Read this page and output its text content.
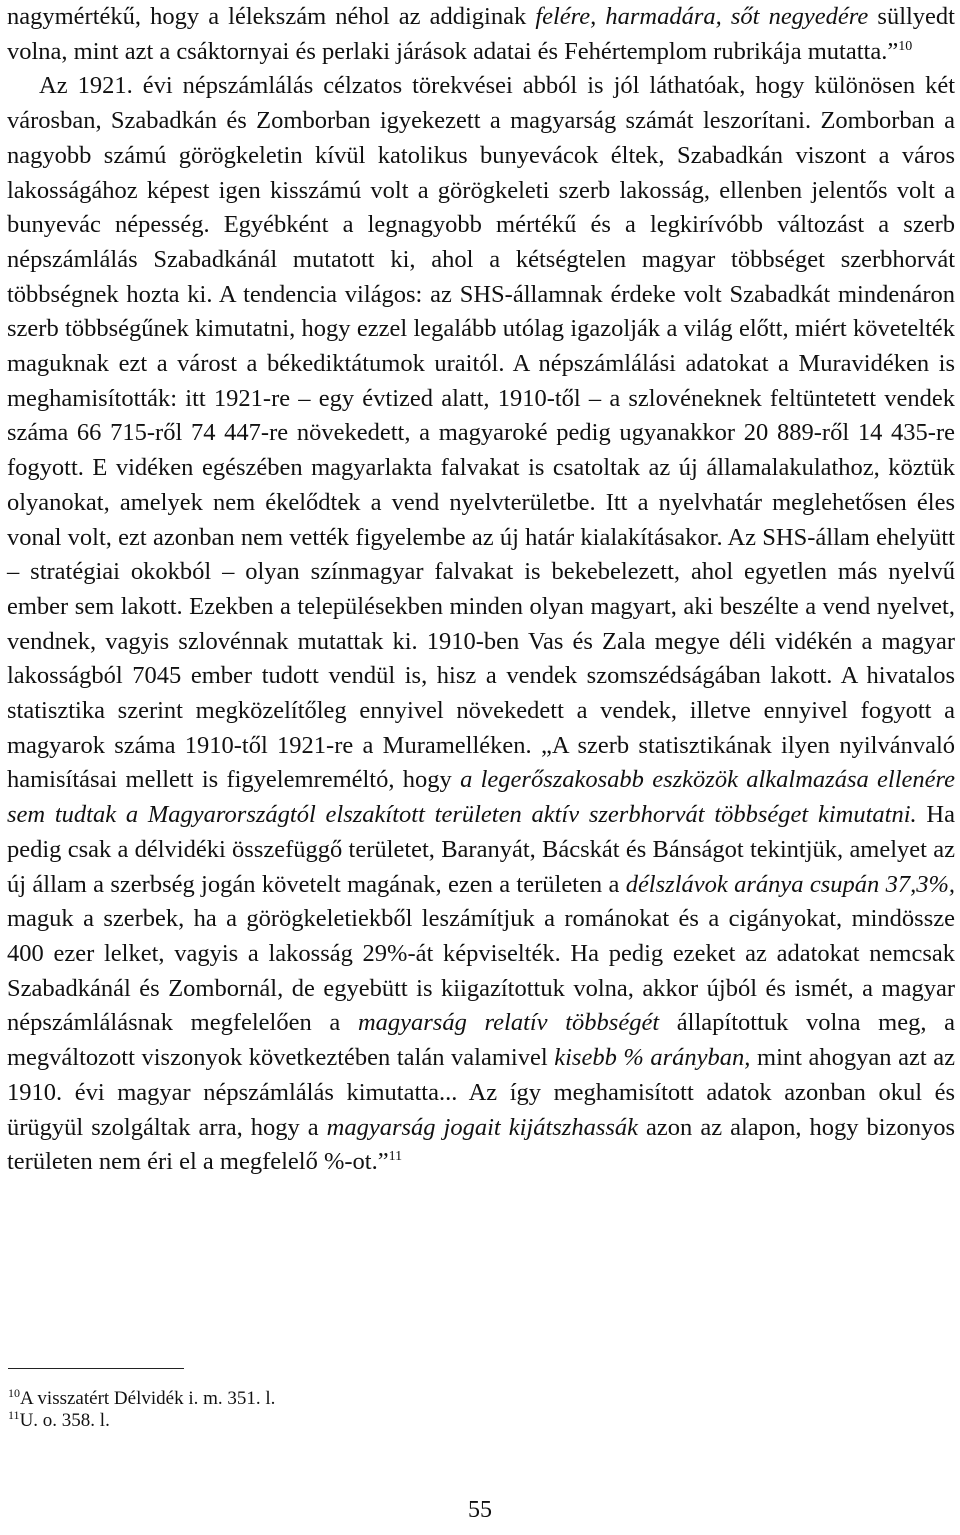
nagymértékű, hogy a lélekszám néhol az addiginak felére, harmadára, sőt negyedére süllyedt volna, mint azt a csáktornyai és perlaki járások adatai és Fehértemplom rubrikája mutatta.”$^{10}$

Az 1921. évi népszámlálás célzatos törekvései abból is jól láthatóak, hogy különösen két városban, Szabadkán és Zomborban igyekezett a magyarság számát leszorítani. Zomborban a nagyobb számú görögkeletin kívül katolikus bunyevácok éltek, Szabadkán viszont a város lakosságához képest igen kisszámú volt a görögkeleti szerb lakosság, ellenben jelentős volt a bunyevác népesség. Egyébként a legnagyobb mértékű és a legkirívóbb változást a szerb népszámlálás Szabadkánál mutatott ki, ahol a kétségtelen magyar többséget szerbhorvát többségnek hozta ki. A tendencia világos: az SHS-államnak érdeke volt Szabadkát mindenáron szerb többségűnek kimutatni, hogy ezzel legalább utólag igazolják a világ előtt, miért követelték maguknak ezt a várost a békediktátumok uraitól. A népszámlálási adatokat a Muravidéken is meghamisították: itt 1921-re – egy évtized alatt, 1910-től – a szlovéneknek feltüntetett vendek száma 66 715-ről 74 447-re növekedett, a magyaroké pedig ugyanakkor 20 889-ről 14 435-re fogyott. E vidéken egészében magyarlakta falvakat is csatoltak az új államalakulathoz, köztük olyanokat, amelyek nem ékelődtek a vend nyelvterületbe. Itt a nyelvhatár meglehetősen éles vonal volt, ezt azonban nem vették figyelembe az új határ kialakításakor. Az SHS-állam ehelyütt – stratégiai okokból – olyan színmagyar falvakat is bekebelezett, ahol egyetlen más nyelvű ember sem lakott. Ezekben a településekben minden olyan magyart, aki beszélte a vend nyelvet, vendnek, vagyis szlovénnak mutattak ki. 1910-ben Vas és Zala megye déli vidékén a magyar lakosságból 7045 ember tudott vendül is, hisz a vendek szomszédságában lakott. A hivatalos statisztika szerint megközelítőleg ennyivel növekedett a vendek, illetve ennyivel fogyott a magyarok száma 1910-től 1921-re a Muramelléken. „A szerb statisztikának ilyen nyilvánvaló hamisításai mellett is figyelemreméltó, hogy a legerőszakosabb eszközök alkalmazása ellenére sem tudtak a Magyarországtól elszakított területen aktív szerbhorvát többséget kimutatni. Ha pedig csak a délvidéki összefüggő területet, Baranyát, Bácskát és Bánságot tekintjük, amelyet az új állam a szerbség jogán követelt magának, ezen a területen a délszlávok aránya csupán 37,3%, maguk a szerbek, ha a görögkeletiekből leszámítjuk a románokat és a cigányokat, mindössze 400 ezer lelket, vagyis a lakosság 29%-át képviselték. Ha pedig ezeket az adatokat nemcsak Szabadkánál és Zombornál, de egyebütt is kiigazítottuk volna, akkor újból és ismét, a magyar népszámlálásnak megfelelően a magyarság relatív többségét állapítottuk volna meg, a megváltozott viszonyok következtében talán valamivel kisebb % arányban, mint ahogyan azt az 1910. évi magyar népszámlálás kimutatta... Az így meghamisított adatok azonban okul és ürügyül szolgáltak arra, hogy a magyarság jogait kijátszhassák azon az alapon, hogy bizonyos területen nem éri el a megfelelő %-ot.”$^{11}$

$^{10}$A visszatért Délvidék i. m. 351. l.
$^{11}$U. o. 358. l.
55
